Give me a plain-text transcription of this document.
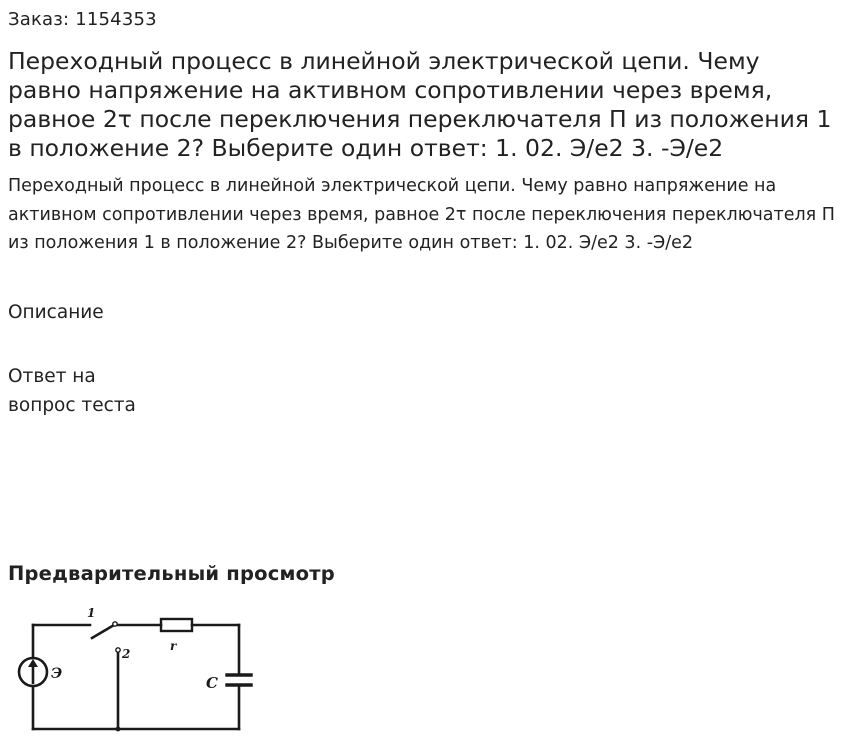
Заказ: 1154353
Переходный процесс в линейной электрической цепи. Чему равно напряжение на активном сопротивлении через время, равное 2τ после переключения переключателя П из положения 1 в положение 2? Выберите один ответ: 1. 02. Э/е2 3. -Э/е2

Переходный процесс в линейной электрической цепи. Чему равно напряжение на активном сопротивлении через время, равное 2τ после переключения переключателя П из положения 1 в положение 2? Выберите один ответ: 1. 02. Э/е2 3. -Э/е2

Описание

Ответ на
вопрос теста

Предварительный просмотр
1
2
r
Э	C
